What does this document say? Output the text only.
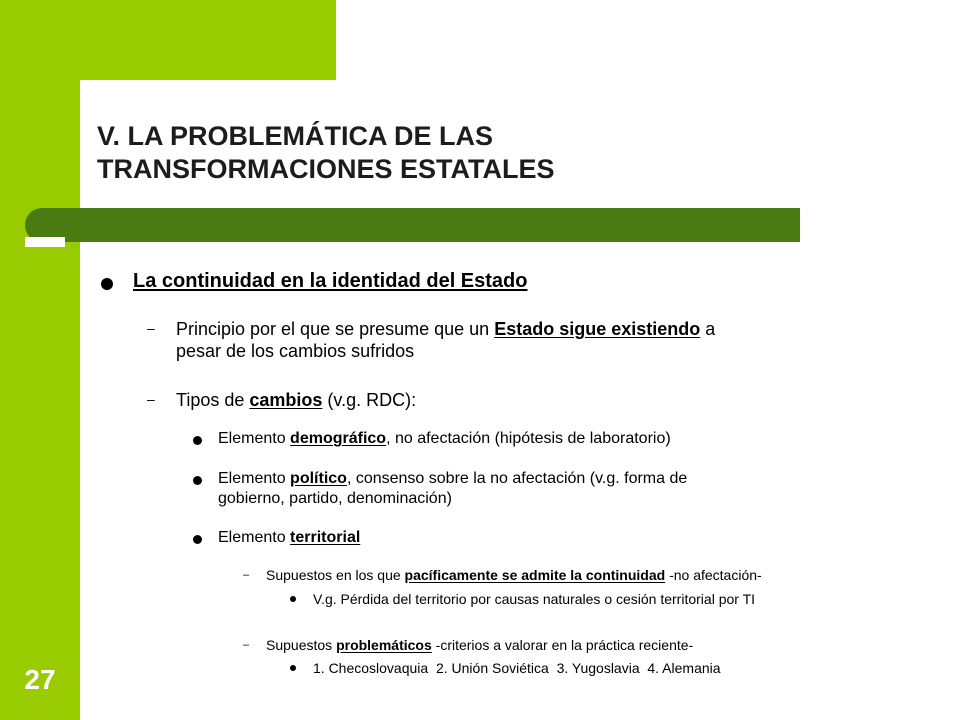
V. LA PROBLEMÁTICA DE LAS
TRANSFORMACIONES ESTATALES
27
La continuidad en la identidad del Estado
– Principio por el que se presume que un Estado sigue existiendo a
pesar de los cambios sufridos
– Tipos de cambios (v.g. RDC):
Elemento demográfico, no afectación (hipótesis de laboratorio)
Elemento político, consenso sobre la no afectación (v.g. forma de
gobierno, partido, denominación)
Elemento territorial
– Supuestos en los que pacíficamente se admite la continuidad -no afectación-
V.g. Pérdida del territorio por causas naturales o cesión territorial por TI
– Supuestos problemáticos -criterios a valorar en la práctica reciente-
1. Checoslovaquia  2. Unión Soviética  3. Yugoslavia  4. Alemania
